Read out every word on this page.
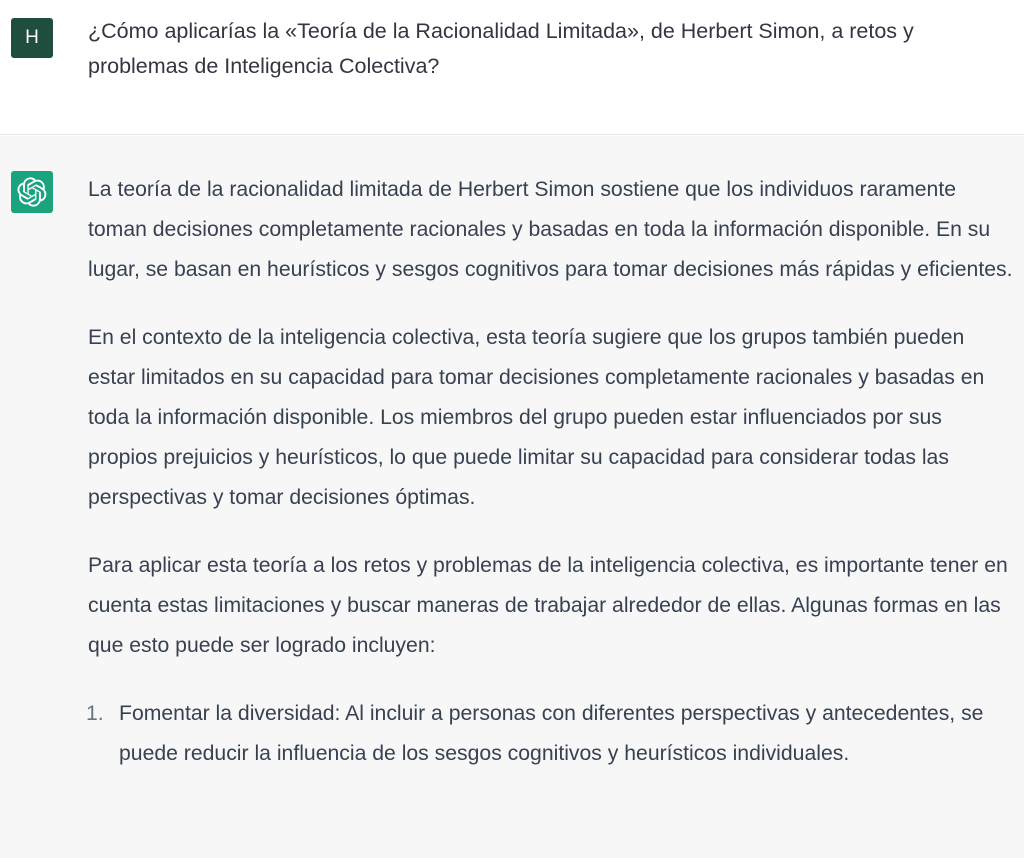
H ¿Cómo aplicarías la «Teoría de la Racionalidad Limitada», de Herbert Simon, a retos y problemas de Inteligencia Colectiva?

La teoría de la racionalidad limitada de Herbert Simon sostiene que los individuos raramente toman decisiones completamente racionales y basadas en toda la información disponible. En su lugar, se basan en heurísticos y sesgos cognitivos para tomar decisiones más rápidas y eficientes.

En el contexto de la inteligencia colectiva, esta teoría sugiere que los grupos también pueden estar limitados en su capacidad para tomar decisiones completamente racionales y basadas en toda la información disponible. Los miembros del grupo pueden estar influenciados por sus propios prejuicios y heurísticos, lo que puede limitar su capacidad para considerar todas las perspectivas y tomar decisiones óptimas.

Para aplicar esta teoría a los retos y problemas de la inteligencia colectiva, es importante tener en cuenta estas limitaciones y buscar maneras de trabajar alrededor de ellas. Algunas formas en las que esto puede ser logrado incluyen:

1. Fomentar la diversidad: Al incluir a personas con diferentes perspectivas y antecedentes, se puede reducir la influencia de los sesgos cognitivos y heurísticos individuales.
